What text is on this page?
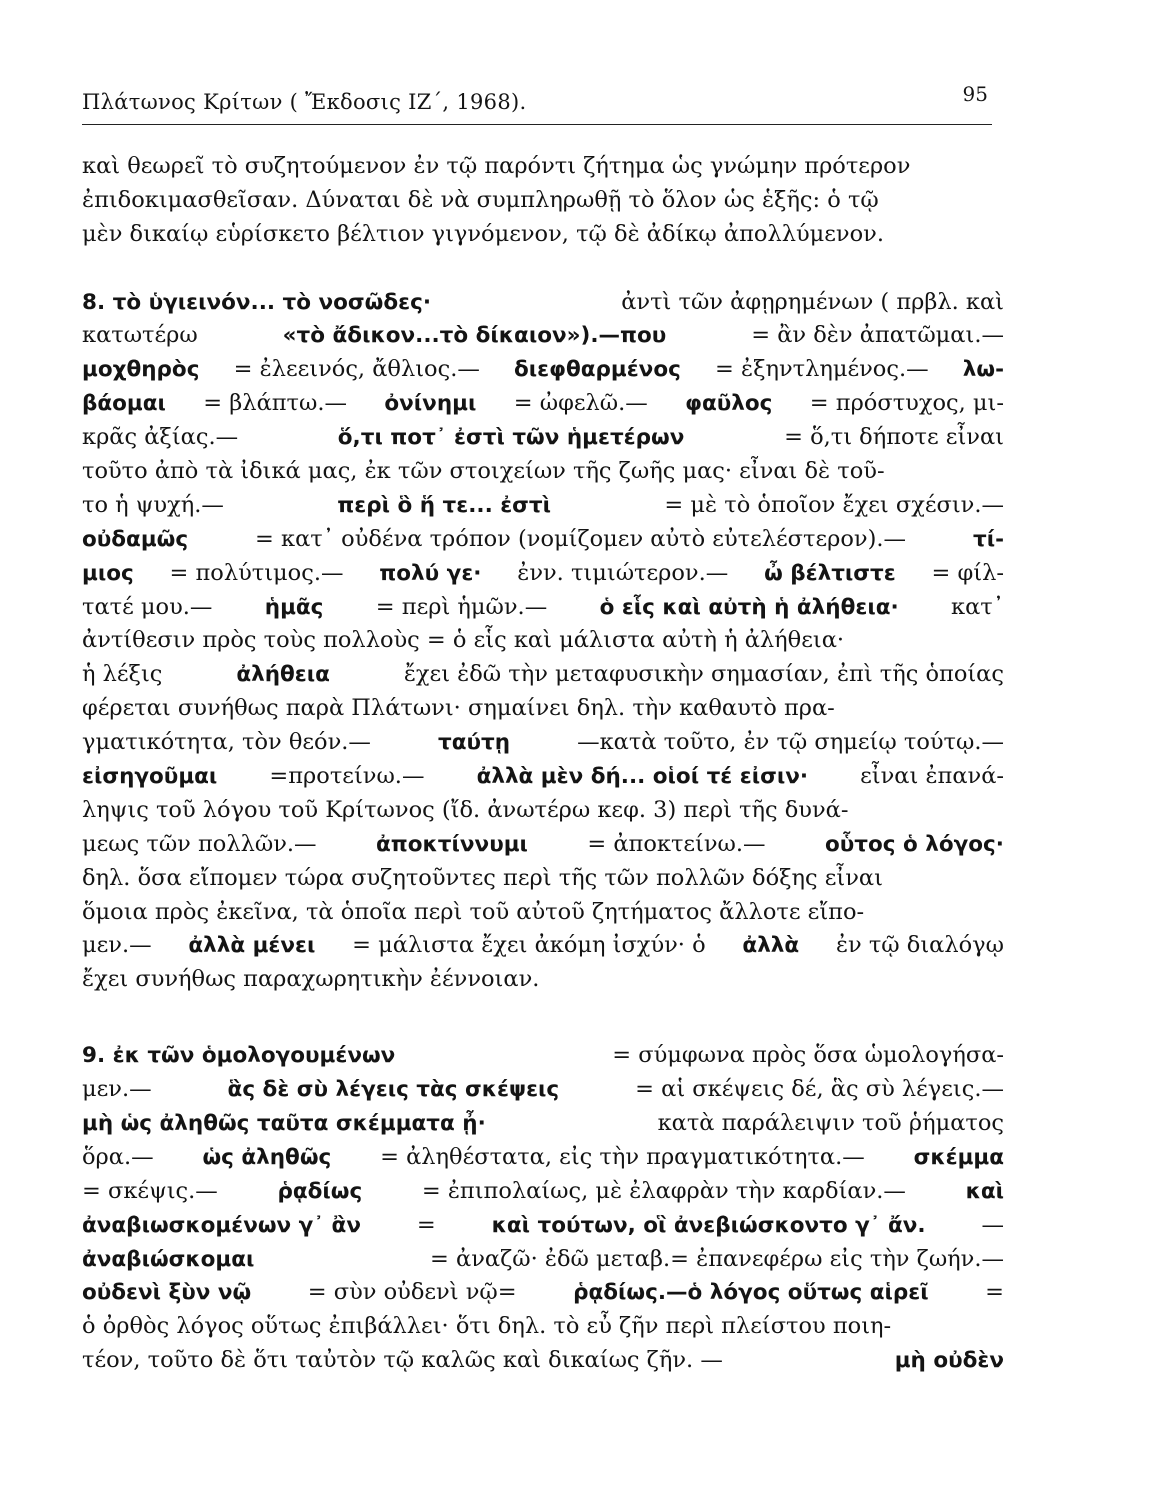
Πλάτωνος Κρίτων ( Ἔκδοσις ΙΖ΄, 1968).	95
καὶ θεωρεῖ τὸ συζητούμενον ἐν τῷ παρόντι ζήτημα ὡς γνώμην πρότερον
ἐπιδοκιμασθεῖσαν. Δύναται δὲ νὰ συμπληρωθῇ τὸ ὅλον ὡς ἑξῆς: ὁ τῷ
μὲν δικαίῳ εὑρίσκετο βέλτιον γιγνόμενον, τῷ δὲ ἀδίκῳ ἀπολλύμενον.
8. τὸ ὑγιεινόν... τὸ νοσῶδες·	ἀντὶ τῶν ἀφῃρημένων ( πρβλ. καὶ
κατωτέρω	«τὸ ἄδικον...τὸ δίκαιον»).—που	= ἂν δὲν ἀπατῶμαι.—
μοχθηρὸς = ἐλεεινός, ἄθλιος.— διεφθαρμένος = ἐξηντλημένος.— λω-
βάομαι = βλάπτω.— ὀνίνημι = ὠφελῶ.— φαῦλος = πρόστυχος, μι-
κρᾶς ἀξίας.—	ὅ,τι ποτ᾽ ἐστὶ τῶν ἡμετέρων	= ὅ,τι δήποτε εἶναι
τοῦτο ἀπὸ τὰ ἰδικά μας, ἐκ τῶν στοιχείων τῆς ζωῆς μας· εἶναι δὲ τοῦ-
το ἡ ψυχή.—	περὶ ὃ ἥ τε... ἐστὶ	= μὲ τὸ ὁποῖον ἔχει σχέσιν.—
οὐδαμῶς	= κατ᾽ οὐδένα τρόπον (νομίζομεν αὐτὸ εὐτελέστερον).—	τί-
μιος = πολύτιμος.— πολύ γε· ἐνν. τιμιώτερον.— ὦ βέλτιστε = φίλ-
τατέ μου.— ἡμᾶς = περὶ ἡμῶν.— ὁ εἷς καὶ αὐτὴ ἡ ἀλήθεια· κατ᾽
ἀντίθεσιν πρὸς τοὺς πολλοὺς = ὁ εἷς καὶ μάλιστα αὐτὴ ἡ ἀλήθεια·
ἡ λέξις	ἀλήθεια	ἔχει ἐδῶ τὴν μεταφυσικὴν σημασίαν, ἐπὶ τῆς ὁποίας
φέρεται συνήθως παρὰ Πλάτωνι· σημαίνει δηλ. τὴν καθαυτὸ πρα-
γματικότητα, τὸν θεόν.—	ταύτῃ	—κατὰ τοῦτο, ἐν τῷ σημείῳ τούτῳ.—
εἰσηγοῦμαι =προτείνω.— ἀλλὰ μὲν δή... οἱοί τέ εἰσιν· εἶναι ἐπανά-
ληψις τοῦ λόγου τοῦ Κρίτωνος (ἴδ. ἀνωτέρω κεφ. 3) περὶ τῆς δυνά-
μεως τῶν πολλῶν.—	ἀποκτίννυμι	= ἀποκτείνω.—	οὗτος ὁ λόγος·
δηλ. ὅσα εἴπομεν τώρα συζητοῦντες περὶ τῆς τῶν πολλῶν δόξης εἶναι
ὅμοια πρὸς ἐκεῖνα, τὰ ὁποῖα περὶ τοῦ αὐτοῦ ζητήματος ἄλλοτε εἴπο-
μεν.— ἀλλὰ μένει = μάλιστα ἔχει ἀκόμη ἰσχύν· ὁ ἀλλὰ ἐν τῷ διαλόγῳ
ἔχει συνήθως παραχωρητικὴν ἐέννοιαν.
9. ἐκ τῶν ὁμολογουμένων	= σύμφωνα πρὸς ὅσα ὡμολογήσα-
μεν.—	ἃς δὲ σὺ λέγεις τὰς σκέψεις	= αἱ σκέψεις δέ, ἃς σὺ λέγεις.—
μὴ ὡς ἀληθῶς ταῦτα σκέμματα ᾖ·	κατὰ παράλειψιν τοῦ ῥήματος
ὅρα.— ὡς ἀληθῶς = ἀληθέστατα, εἰς τὴν πραγματικότητα.— σκέμμα
= σκέψις.—	ῥᾳδίως	= ἐπιπολαίως, μὲ ἐλαφρὰν τὴν καρδίαν.—	καὶ
ἀναβιωσκομένων γ᾽ ἂν =	καὶ τούτων, οἳ ἀνεβιώσκοντο γ᾽ ἄν. —
ἀναβιώσκομαι	= ἀναζῶ· ἐδῶ μεταβ.= ἐπανεφέρω εἰς τὴν ζωήν.—
οὐδενὶ ξὺν νῷ	= σὺν οὐδενὶ νῷ=	ῥᾳδίως.—ὁ λόγος οὕτως αἱρεῖ	=
ὁ ὀρθὸς λόγος οὕτως ἐπιβάλλει· ὅτι δηλ. τὸ εὖ ζῆν περὶ πλείστου ποιη-
τέον, τοῦτο δὲ ὅτι ταὐτὸν τῷ καλῶς καὶ δικαίως ζῆν. —	μὴ οὐδὲν
